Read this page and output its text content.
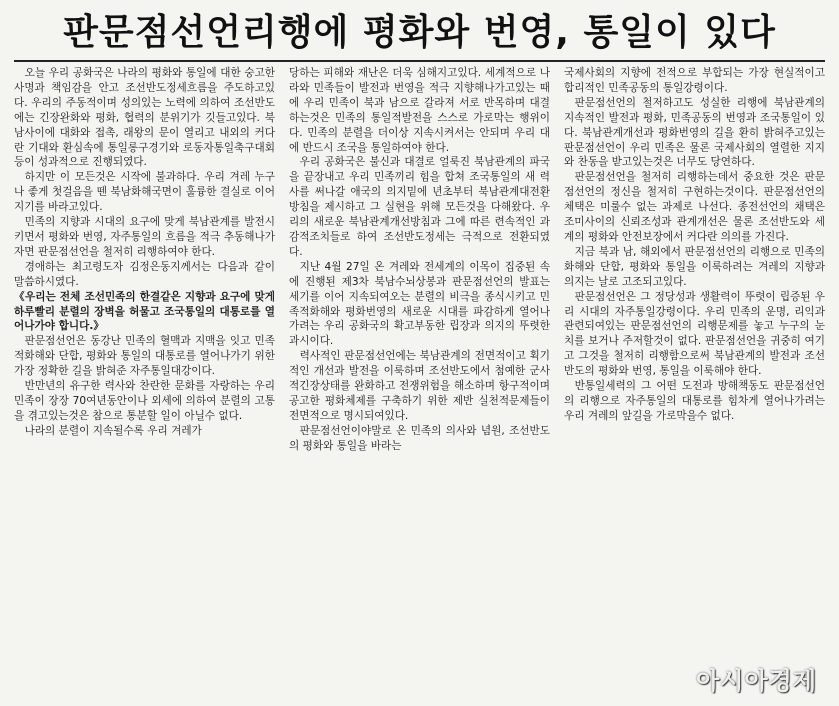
판문점선언리행에 평화와 번영, 통일이 있다

오늘 우리 공화국은 나라의 평화와 통일에 대한 숭고한 사명과 책임감을 안고 조선반도정세흐름을 주도하고있다. 우리의 주동적이며 성의있는 노력에 의하여 조선반도에는 긴장완화와 평화, 협력의 분위기가 깃들고있다. 북남사이에 대화와 접촉, 래왕의 문이 열리고 내외의 커다란 기대와 환심속에 통일롱구경기와 로동자통일축구대회 등이 성과적으로 진행되였다.

하지만 이 모든것은 시작에 불과하다. 우리 겨레 누구나 좋게 첫걸음을 뗀 북남화해국면이 훌륭한 결실로 이어지기를 바라고있다.

민족의 지향과 시대의 요구에 맞게 북남관계를 발전시키면서 평화와 번영, 자주통일의 흐름을 적극 추동해나가자면 판문점선언을 철저히 리행하여야 한다.

경애하는 최고령도자 김정은동지께서는 다음과 같이 말씀하시였다.

《우리는 전체 조선민족의 한결같은 지향과 요구에 맞게 하루빨리 분렬의 장벽을 허물고 조국통일의 대통로를 열어나가야 합니다.》

판문점선언은 동강난 민족의 혈맥과 지맥을 잇고 민족적화해와 단합, 평화와 통일의 대통로를 열어나가기 위한 가장 정확한 길을 밝혀준 자주통일대강이다.

반만년의 유구한 력사와 찬란한 문화를 자랑하는 우리 민족이 장장 70여년동안이나 외세에 의하여 분렬의 고통을 겪고있는것은 참으로 통분할 일이 아닐수 없다.

나라의 분렬이 지속될수록 우리 겨레가

당하는 피해와 재난은 더욱 심해지고있다. 세계적으로 나라와 민족들이 발전과 번영을 적극 지향해나가고있는 때에 우리 민족이 북과 남으로 갈라져 서로 반목하며 대결하는것은 민족의 통일적발전을 스스로 가로막는 행위이다. 민족의 분렬을 더이상 지속시켜서는 안되며 우리 대에 반드시 조국을 통일하여야 한다.

우리 공화국은 불신과 대결로 얼룩진 북남관계의 파국을 끝장내고 우리 민족끼리 힘을 합쳐 조국통일의 새 력사를 써나갈 애국의 의지밑에 년초부터 북남관계대전환방침을 제시하고 그 실현을 위해 모든것을 다해왔다. 우리의 새로운 북남관계개선방침과 그에 따른 련속적인 과감적조치들로 하여 조선반도정세는 극적으로 전환되였다.

지난 4월 27일 온 겨레와 전세계의 이목이 집중된 속에 진행된 제3차 북남수뇌상봉과 판문점선언의 발표는 세기를 이어 지속되여오는 분렬의 비극을 종식시키고 민족적화해와 평화번영의 새로운 시대를 파감하게 열어나가려는 우리 공화국의 확고부동한 립장과 의지의 뚜렷한 과시이다.

력사적인 판문점선언에는 북남관계의 전면적이고 획기적인 개선과 발전을 이룩하며 조선반도에서 첨예한 군사적긴장상태를 완화하고 전쟁위험을 해소하며 항구적이며 공고한 평화체제를 구축하기 위한 제반 실천적문제들이 전면적으로 명시되여있다.

판문점선언이야말로 온 민족의 의사와 념원, 조선반도의 평화와 통일을 바라는

국제사회의 지향에 전적으로 부합되는 가장 현실적이고 합리적인 민족공동의 통일강령이다.

판문점선언의 철저하고도 성실한 리행에 북남관계의 지속적인 발전과 평화, 민족공동의 번영과 조국통일이 있다. 북남관계개선과 평화번영의 길을 환히 밝혀주고있는 판문점선언이 우리 민족은 물론 국제사회의 열렬한 지지와 찬동을 받고있는것은 너무도 당연하다.

판문점선언을 철저히 리행하는데서 중요한 것은 판문점선언의 정신을 철저히 구현하는것이다. 판문점선언의 체택은 미룰수 없는 과제로 나선다. 종전선언의 채택은 조미사이의 신뢰조성과 관계개선은 물론 조선반도와 세계의 평화와 안전보장에서 커다란 의의를 가진다.

지금 북과 남, 해외에서 판문점선언의 리행으로 민족의 화해와 단합, 평화와 통일을 이룩하려는 겨레의 지향과 의지는 날로 고조되고있다.

판문점선언은 그 정당성과 생활력이 뚜렷이 립증된 우리 시대의 자주통일강령이다. 우리 민족의 운명, 리익과 관련되여있는 판문점선언의 리행문제를 놓고 누구의 눈치를 보거나 주저할것이 없다. 판문점선언을 귀중히 여기고 그것을 철저히 리행함으로써 북남관계의 발전과 조선반도의 평화와 번영, 통일을 이룩해야 한다.

반통일세력의 그 어떤 도전과 방해책동도 판문점선언의 리행으로 자주통일의 대통로를 힘차게 열어나가려는 우리 겨레의 앞길을 가로막을수 없다.

아시아경제
